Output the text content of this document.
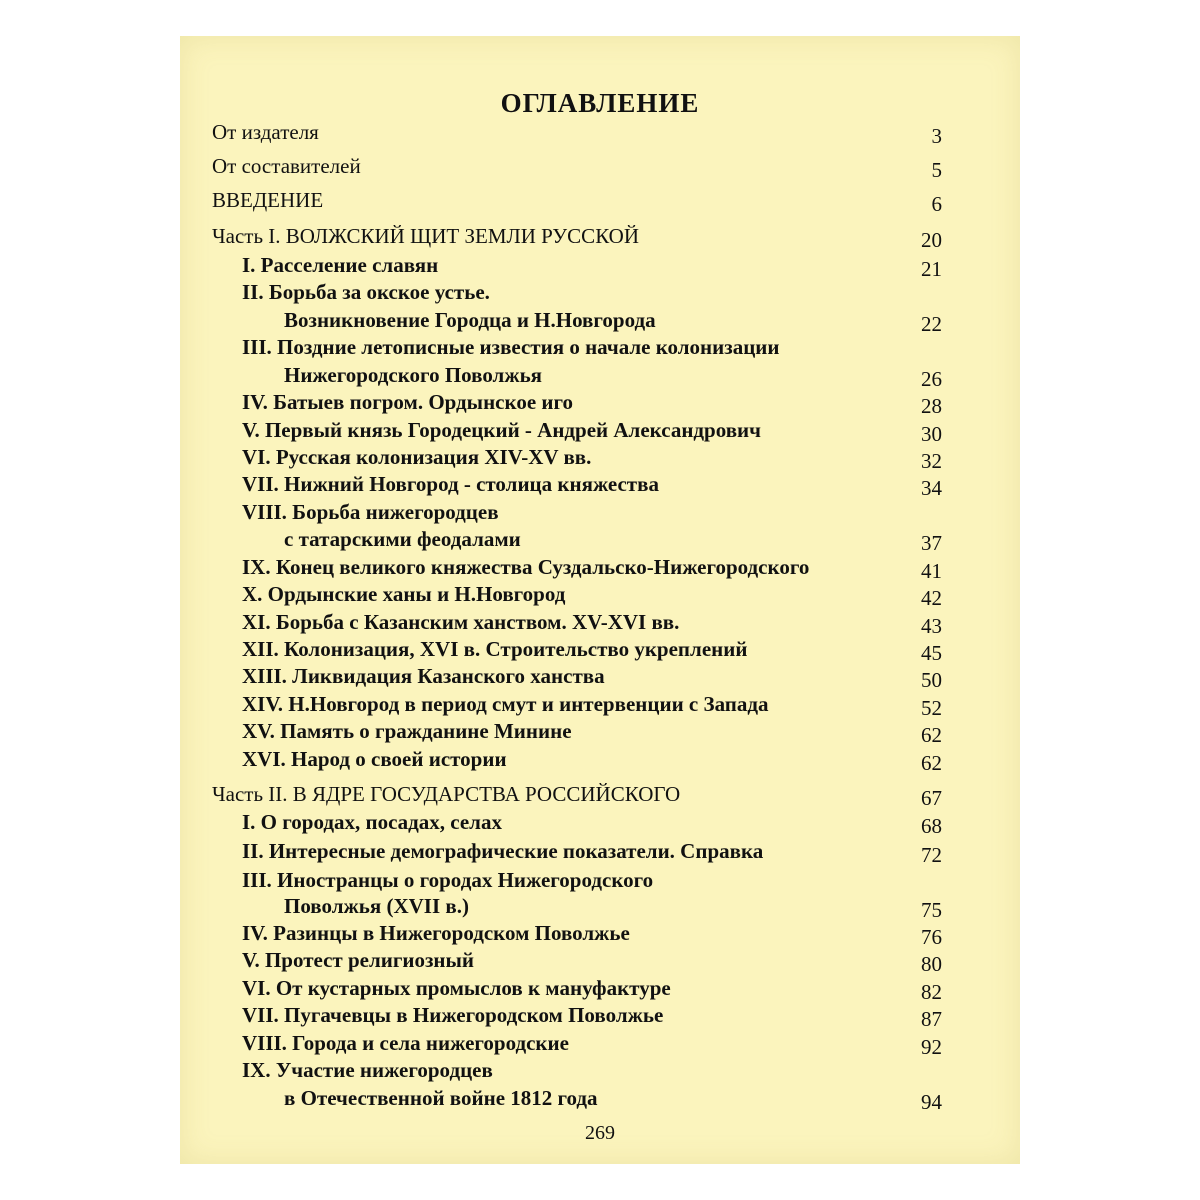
ОГЛАВЛЕНИЕ
От издателя	3
От составителей	5
ВВЕДЕНИЕ	6
Часть I. ВОЛЖСКИЙ ЩИТ ЗЕМЛИ РУССКОЙ	20
I. Расселение славян	21
II. Борьба за окское устье.
Возникновение Городца и Н.Новгорода	22
III. Поздние летописные известия о начале колонизации
Нижегородского Поволжья	26
IV. Батыев погром. Ордынское иго	28
V. Первый князь Городецкий - Андрей Александрович	30
VI. Русская колонизация XIV-XV вв.	32
VII. Нижний Новгород - столица княжества	34
VIII. Борьба нижегородцев
с татарскими феодалами	37
IX. Конец великого княжества Суздальско-Нижегородского	41
X. Ордынские ханы и Н.Новгород	42
XI. Борьба с Казанским ханством. XV-XVI вв.	43
XII. Колонизация, XVI в. Строительство укреплений	45
XIII. Ликвидация Казанского ханства	50
XIV. Н.Новгород в период смут и интервенции с Запада	52
XV. Память о гражданине Минине	62
XVI. Народ о своей истории	62
Часть II. В ЯДРЕ ГОСУДАРСТВА РОССИЙСКОГО	67
I. О городах, посадах, селах	68
II. Интересные демографические показатели. Справка	72
III. Иностранцы о городах Нижегородского
Поволжья (XVII в.)	75
IV. Разинцы в Нижегородском Поволжье	76
V. Протест религиозный	80
VI. От кустарных промыслов к мануфактуре	82
VII. Пугачевцы в Нижегородском Поволжье	87
VIII. Города и села нижегородские	92
IX. Участие нижегородцев
в Отечественной войне 1812 года	94
269
